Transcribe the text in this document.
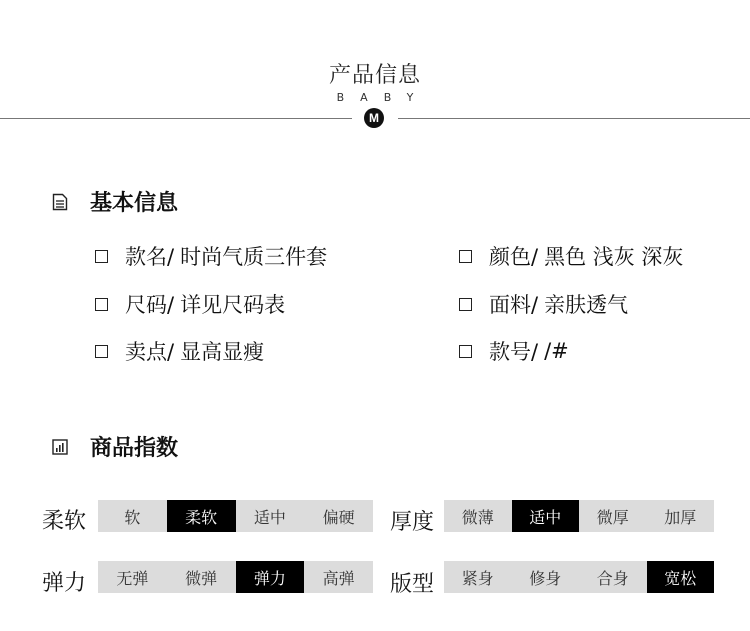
产品信息
BABY
M
基本信息
款名/ 时尚气质三件套	颜色/ 黑色 浅灰 深灰
尺码/ 详见尺码表	面料/ 亲肤透气
卖点/ 显高显瘦	款号/ /#
商品指数
柔软	软	柔软	适中	偏硬	厚度	微薄	适中	微厚	加厚
弹力	无弹	微弹	弹力	高弹	版型	紧身	修身	合身	宽松
